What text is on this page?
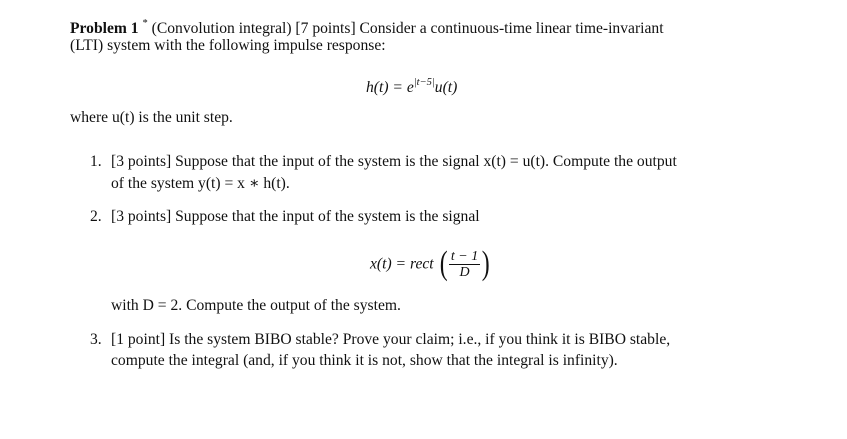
Problem 1 * (Convolution integral) [7 points] Consider a continuous-time linear time-invariant
(LTI) system with the following impulse response:
$h(t) = e^{|t-5|}u(t)$
where u(t) is the unit step.
1. [3 points] Suppose that the input of the system is the signal x(t) = u(t). Compute the output
of the system y(t) = x ∗ h(t).
2. [3 points] Suppose that the input of the system is the signal
x(t) = rect ( $\frac{t - 1}{D}$ )
with D = 2. Compute the output of the system.
3. [1 point] Is the system BIBO stable? Prove your claim; i.e., if you think it is BIBO stable,
compute the integral (and, if you think it is not, show that the integral is infinity).
